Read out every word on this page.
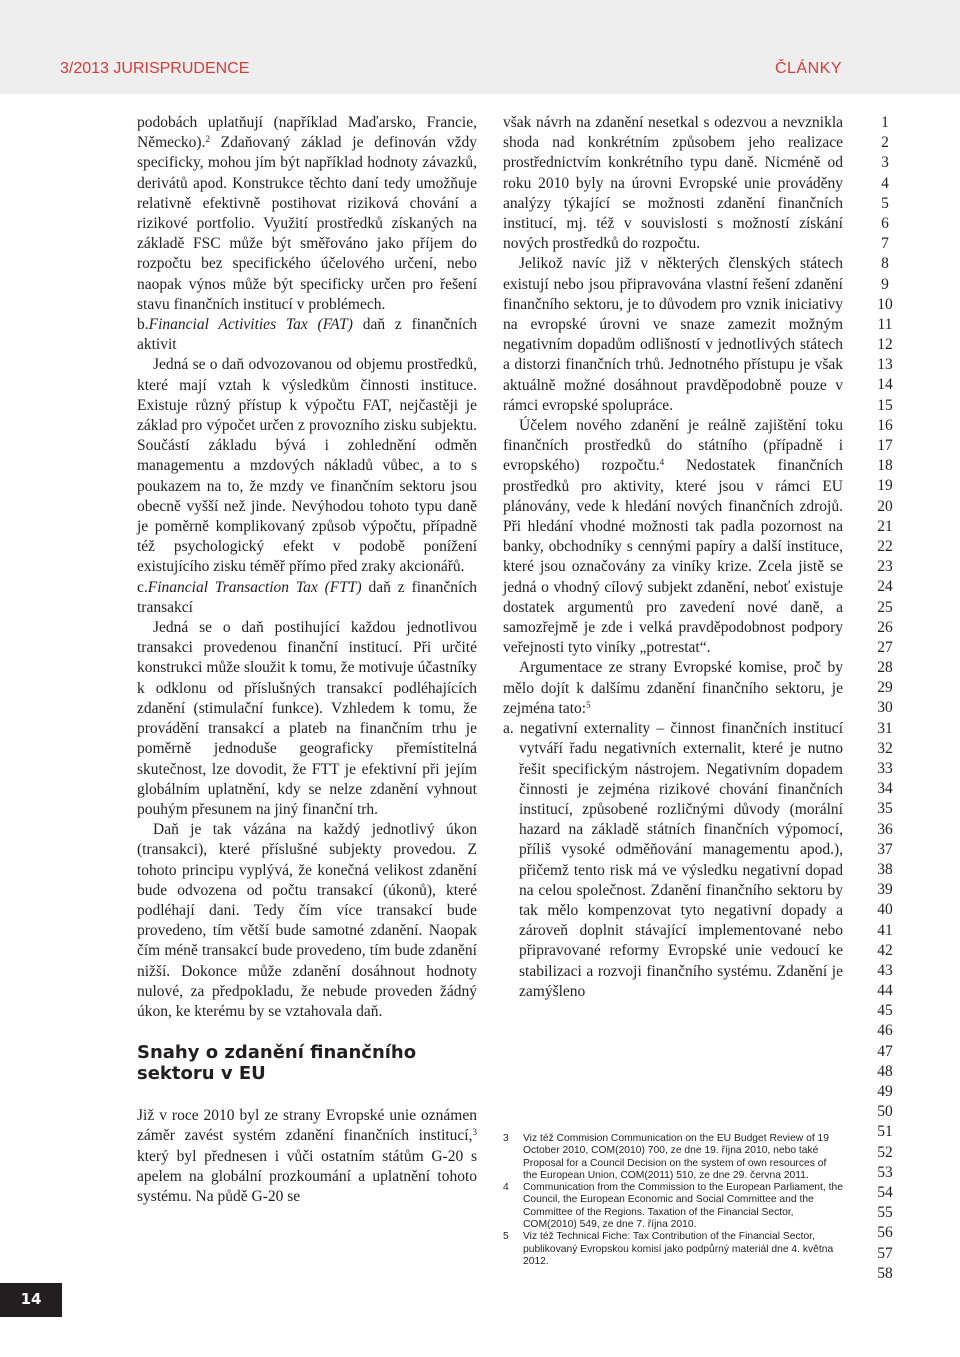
3/2013 JURISPRUDENCE	ČLÁNKY

podobách uplatňují (například Maďarsko, Francie, Německo).$^2$ Zdaňovaný základ je definován vždy specificky, mohou jím být například hodnoty závazků, derivátů apod. Konstrukce těchto daní tedy umožňuje relativně efektivně postihovat riziková chování a rizikové portfolio. Využití prostředků získaných na základě FSC může být směřováno jako příjem do rozpočtu bez specifického účelového určení, nebo naopak výnos může být specificky určen pro řešení stavu finančních institucí v problémech.

b.Financial Activities Tax (FAT) daň z finančních aktivit

Jedná se o daň odvozovanou od objemu prostředků, které mají vztah k výsledkům činnosti instituce. Existuje různý přístup k výpočtu FAT, nejčastěji je základ pro výpočet určen z provozního zisku subjektu. Součástí základu bývá i zohlednění odměn managementu a mzdových nákladů vůbec, a to s poukazem na to, že mzdy ve finančním sektoru jsou obecně vyšší než jinde. Nevýhodou tohoto typu daně je poměrně komplikovaný způsob výpočtu, případně též psychologický efekt v podobě ponížení existujícího zisku téměř přímo před zraky akcionářů.

c.Financial Transaction Tax (FTT) daň z finančních transakcí

Jedná se o daň postihující každou jednotlivou transakci provedenou finanční institucí. Při určité konstrukci může sloužit k tomu, že motivuje účastníky k odklonu od příslušných transakcí podléhajících zdanění (stimulační funkce). Vzhledem k tomu, že provádění transakcí a plateb na finančním trhu je poměrně jednoduše geograficky přemístitelná skutečnost, lze dovodit, že FTT je efektivní při jejím globálním uplatnění, kdy se nelze zdanění vyhnout pouhým přesunem na jiný finanční trh.

Daň je tak vázána na každý jednotlivý úkon (transakci), které příslušné subjekty provedou. Z tohoto principu vyplývá, že konečná velikost zdanění bude odvozena od počtu transakcí (úkonů), které podléhají dani. Tedy čím více transakcí bude provedeno, tím větší bude samotné zdanění. Naopak čím méně transakcí bude provedeno, tím bude zdanění nižší. Dokonce může zdanění dosáhnout hodnoty nulové, za předpokladu, že nebude proveden žádný úkon, ke kterému by se vztahovala daň.

Snahy o zdanění finančního sektoru v EU

Již v roce 2010 byl ze strany Evropské unie oznámen záměr zavést systém zdanění finančních institucí,$^3$ který byl přednesen i vůči ostatním státům G-20 s apelem na globální prozkoumání a uplatnění tohoto systému. Na půdě G-20 se

však návrh na zdanění nesetkal s odezvou a nevznikla shoda nad konkrétním způsobem jeho realizace prostřednictvím konkrétního typu daně. Nicméně od roku 2010 byly na úrovni Evropské unie prováděny analýzy týkající se možnosti zdanění finančních institucí, mj. též v souvislosti s možností získání nových prostředků do rozpočtu.

Jelikož navíc již v některých členských státech existují nebo jsou připravována vlastní řešení zdanění finančního sektoru, je to důvodem pro vznik iniciativy na evropské úrovni ve snaze zamezit možným negativním dopadům odlišností v jednotlivých státech a distorzi finančních trhů. Jednotného přístupu je však aktuálně možné dosáhnout pravděpodobně pouze v rámci evropské spolupráce.

Účelem nového zdanění je reálně zajištění toku finančních prostředků do státního (případně i evropského) rozpočtu.$^4$ Nedostatek finančních prostředků pro aktivity, které jsou v rámci EU plánovány, vede k hledání nových finančních zdrojů. Při hledání vhodné možnosti tak padla pozornost na banky, obchodníky s cennými papíry a další instituce, které jsou označovány za viníky krize. Zcela jistě se jedná o vhodný cílový subjekt zdanění, neboť existuje dostatek argumentů pro zavedení nové daně, a samozřejmě je zde i velká pravděpodobnost podpory veřejnosti tyto viníky „potrestat“.

Argumentace ze strany Evropské komise, proč by mělo dojít k dalšímu zdanění finančního sektoru, je zejména tato:$^5$

a. negativní externality – činnost finančních institucí vytváří řadu negativních externalit, které je nutno řešit specifickým nástrojem. Negativním dopadem činnosti je zejména rizikové chování finančních institucí, způsobené rozličnými důvody (morální hazard na základě státních finančních výpomocí, příliš vysoké odměňování managementu apod.), přičemž tento risk má ve výsledku negativní dopad na celou společnost. Zdanění finančního sektoru by tak mělo kompenzovat tyto negativní dopady a zároveň doplnit stávající implementované nebo připravované reformy Evropské unie vedoucí ke stabilizaci a rozvoji finančního systému. Zdanění je zamýšleno

3 Viz též Commision Communication on the EU Budget Review of 19 October 2010, COM(2010) 700, ze dne 19. října 2010, nebo také Proposal for a Council Decision on the system of own resources of the European Union, COM(2011) 510, ze dne 29. června 2011.

4 Communication from the Commission to the European Parliament, the Council, the European Economic and Social Committee and the Committee of the Regions. Taxation of the Financial Sector, COM(2010) 549, ze dne 7. října 2010.

5 Viz též Technical Fiche: Tax Contribution of the Financial Sector, publikovaný Evropskou komisí jako podpůrný materiál dne 4. května 2012.

1
2
3
4
5
6
7
8
9
10
11
12
13
14
15
16
17
18
19
20
21
22
23
24
25
26
27
28
29
30
31
32
33
34
35
36
37
38
39
40
41
42
43
44
45
46
47
48
49
50
51
52
53
54
55
56
57
58
14
